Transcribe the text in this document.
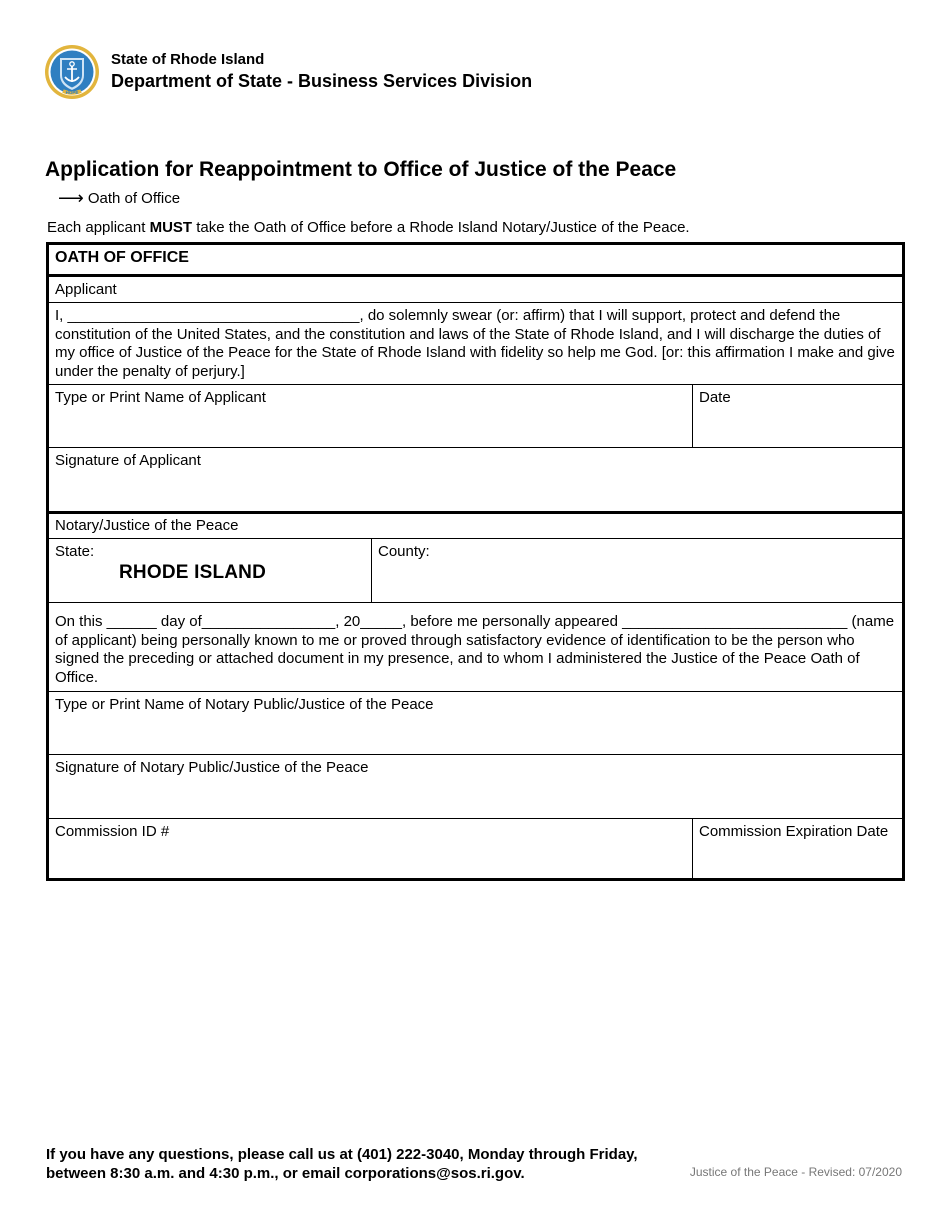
HOPE
State of Rhode Island
Department of State - Business Services Division
Application for Reappointment to Office of Justice of the Peace
⟶ Oath of Office
Each applicant MUST take the Oath of Office before a Rhode Island Notary/Justice of the Peace.
OATH OF OFFICE
Applicant
I, ___________________________________, do solemnly swear (or: affirm) that I will support, protect and defend the constitution of the United States, and the constitution and laws of the State of Rhode Island, and I will discharge the duties of my office of Justice of the Peace for the State of Rhode Island with fidelity so help me God. [or: this affirmation I make and give under the penalty of perjury.]
Type or Print Name of Applicant	Date
Signature of Applicant
Notary/Justice of the Peace
State:
RHODE ISLAND
County:
On this ______ day of________________, 20_____, before me personally appeared ___________________________ (name of applicant) being personally known to me or proved through satisfactory evidence of identification to be the person who signed the preceding or attached document in my presence, and to whom I administered the Justice of the Peace Oath of Office.
Type or Print Name of Notary Public/Justice of the Peace
Signature of Notary Public/Justice of the Peace
Commission ID #	Commission Expiration Date
If you have any questions, please call us at (401) 222-3040, Monday through Friday,
between 8:30 a.m. and 4:30 p.m., or email corporations@sos.ri.gov.	Justice of the Peace - Revised: 07/2020
